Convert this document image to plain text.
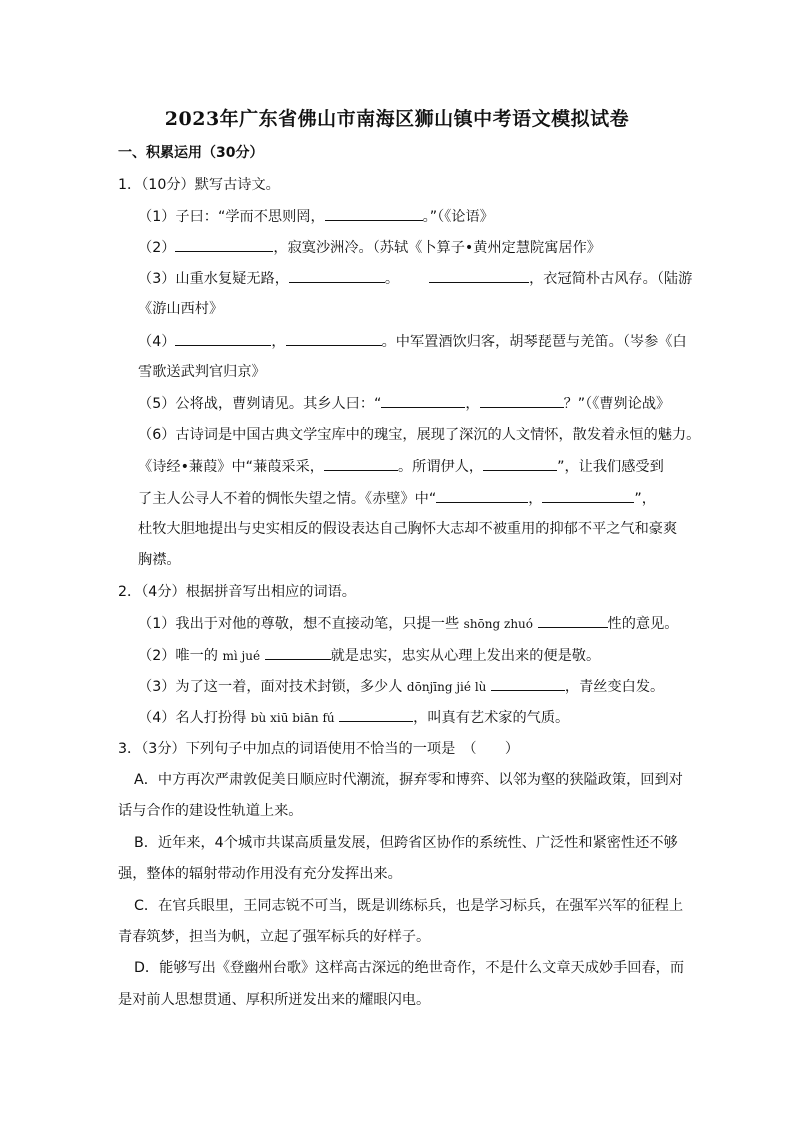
2023年广东省佛山市南海区狮山镇中考语文模拟试卷
一、积累运用（30分）
1．（10分）默写古诗文。
（1）子曰：“学而不思则罔，	。”（《论语》
（2）	，寂寞沙洲冷。（苏轼《卜算子•黄州定慧院寓居作》
（3）山重水复疑无路，	。	，衣冠简朴古风存。（陆游
《游山西村》
（4）	，	。中军置酒饮归客，胡琴琵琶与羌笛。（岑参《白
雪歌送武判官归京》
（5）公将战，曹刿请见。其乡人曰：“	，	？”（《曹刿论战》
（6）古诗词是中国古典文学宝库中的瑰宝，展现了深沉的人文情怀，散发着永恒的魅力。
《诗经•蒹葭》中“蒹葭采采，	。所谓伊人，	”，让我们感受到
了主人公寻人不着的惆怅失望之情。《赤壁》中“	，	”，
杜牧大胆地提出与史实相反的假设表达自己胸怀大志却不被重用的抑郁不平之气和豪爽
胸襟。
2．（4分）根据拼音写出相应的词语。
（1）我出于对他的尊敬，想不直接动笔，只提一些 shōng zhuó	性的意见。
（2）唯一的 mì jué	就是忠实，忠实从心理上发出来的便是敬。
（3）为了这一着，面对技术封锁，多少人 dōnjīng jié lù	，青丝变白发。
（4）名人打扮得 bù xiū biān fú	，叫真有艺术家的气质。
3．（3分）下列句子中加点的词语使用不恰当的一项是　（　　）
A．中方再次严肃敦促美日顺应时代潮流，摒弃零和博弈、以邻为壑的狭隘政策，回到对
话与合作的建设性轨道上来。
B．近年来，4个城市共谋高质量发展，但跨省区协作的系统性、广泛性和紧密性还不够
强，整体的辐射带动作用没有充分发挥出来。
C．在官兵眼里，王同志锐不可当，既是训练标兵，也是学习标兵，在强军兴军的征程上
青春筑梦，担当为帆，立起了强军标兵的好样子。
D．能够写出《登幽州台歌》这样高古深远的绝世奇作，不是什么文章天成妙手回春，而
是对前人思想贯通、厚积所迸发出来的耀眼闪电。
